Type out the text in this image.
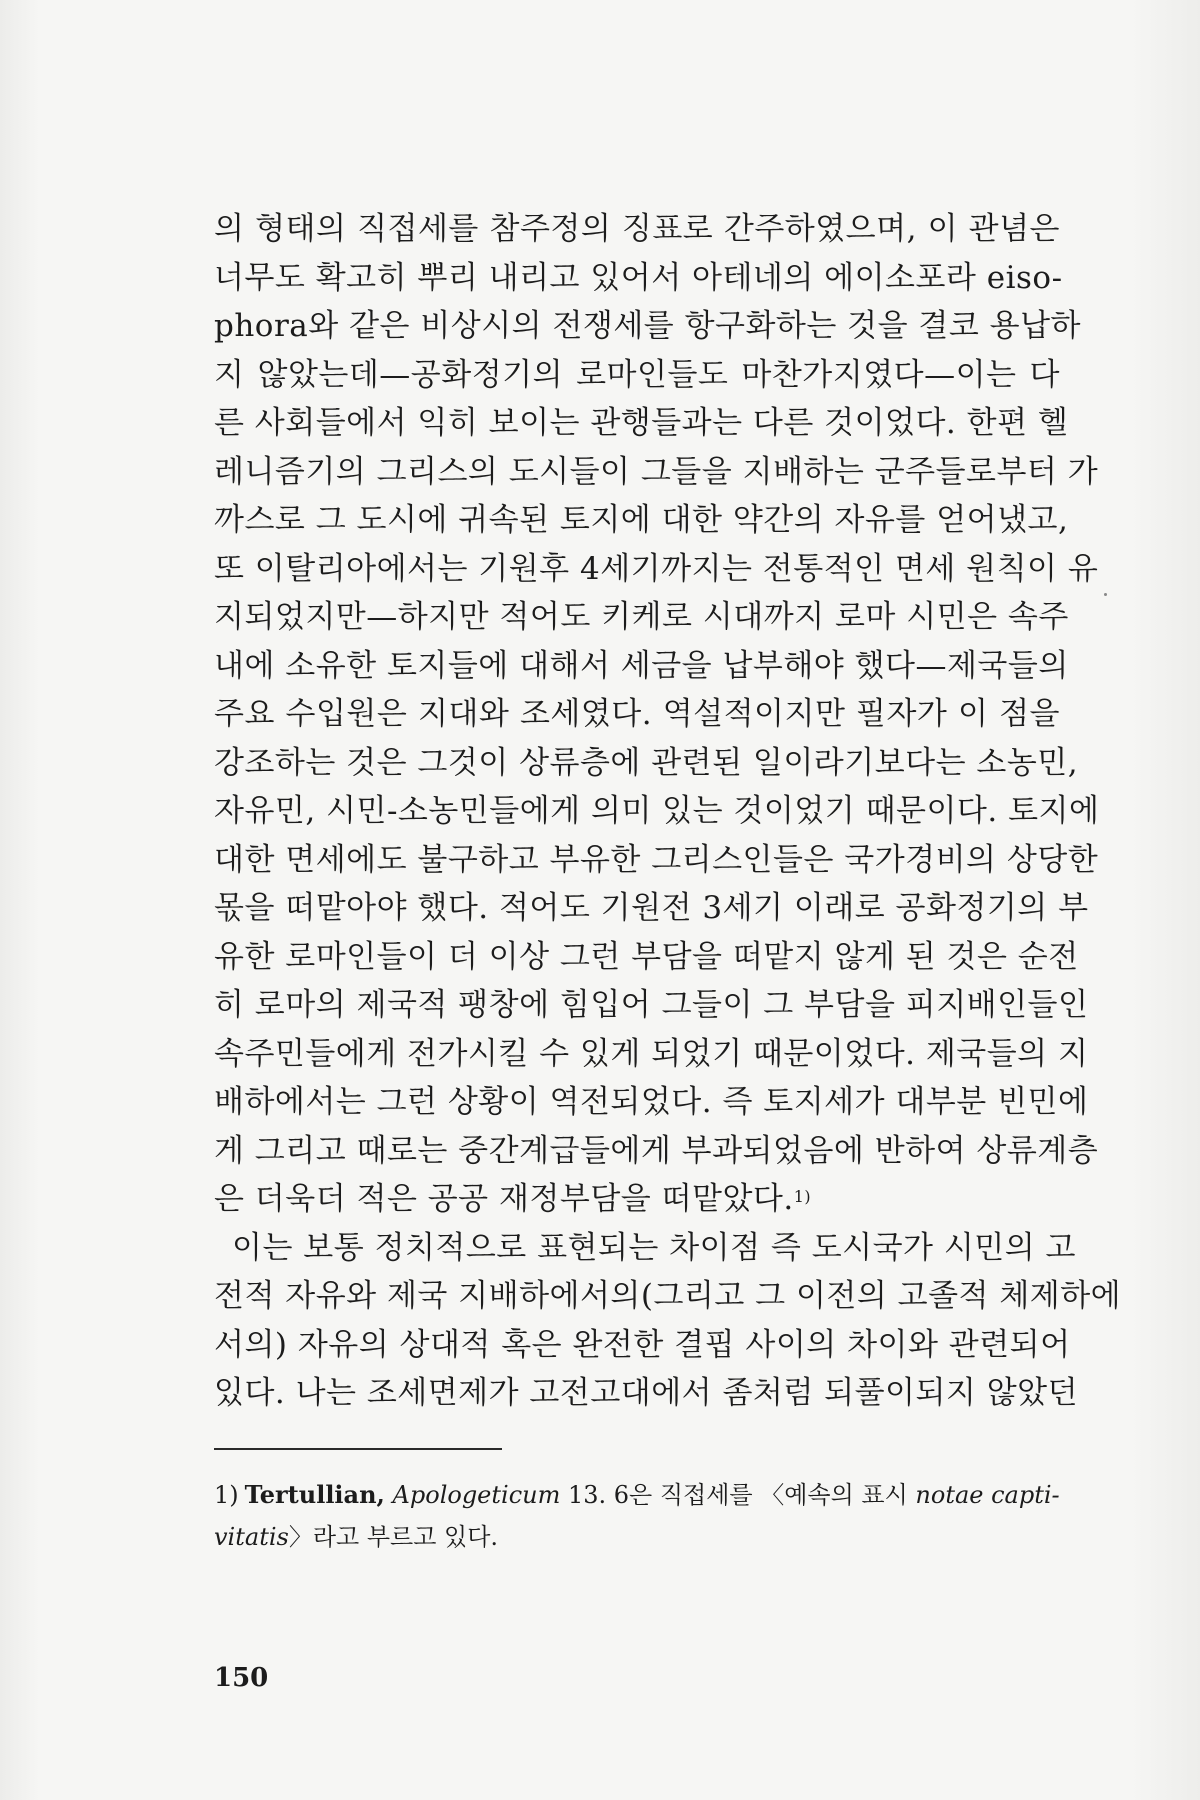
의 형태의 직접세를 참주정의 징표로 간주하였으며, 이 관념은
너무도 확고히 뿌리 내리고 있어서 아테네의 에이소포라 eiso-
phora와 같은 비상시의 전쟁세를 항구화하는 것을 결코 용납하
지 않았는데—공화정기의 로마인들도 마찬가지였다—이는 다
른 사회들에서 익히 보이는 관행들과는 다른 것이었다. 한편 헬
레니즘기의 그리스의 도시들이 그들을 지배하는 군주들로부터 가
까스로 그 도시에 귀속된 토지에 대한 약간의 자유를 얻어냈고,
또 이탈리아에서는 기원후 4세기까지는 전통적인 면세 원칙이 유
지되었지만—하지만 적어도 키케로 시대까지 로마 시민은 속주
내에 소유한 토지들에 대해서 세금을 납부해야 했다—제국들의
주요 수입원은 지대와 조세였다. 역설적이지만 필자가 이 점을
강조하는 것은 그것이 상류층에 관련된 일이라기보다는 소농민,
자유민, 시민-소농민들에게 의미 있는 것이었기 때문이다. 토지에
대한 면세에도 불구하고 부유한 그리스인들은 국가경비의 상당한
몫을 떠맡아야 했다. 적어도 기원전 3세기 이래로 공화정기의 부
유한 로마인들이 더 이상 그런 부담을 떠맡지 않게 된 것은 순전
히 로마의 제국적 팽창에 힘입어 그들이 그 부담을 피지배인들인
속주민들에게 전가시킬 수 있게 되었기 때문이었다. 제국들의 지
배하에서는 그런 상황이 역전되었다. 즉 토지세가 대부분 빈민에
게 그리고 때로는 중간계급들에게 부과되었음에 반하여 상류계층
은 더욱더 적은 공공 재정부담을 떠맡았다.$^{1)}$
이는 보통 정치적으로 표현되는 차이점 즉 도시국가 시민의 고
전적 자유와 제국 지배하에서의(그리고 그 이전의 고졸적 체제하에
서의) 자유의 상대적 혹은 완전한 결핍 사이의 차이와 관련되어
있다. 나는 조세면제가 고전고대에서 좀처럼 되풀이되지 않았던
1) Tertullian, Apologeticum 13. 6은 직접세를 〈예속의 표시 notae capti-
vitatis〉라고 부르고 있다.
150
